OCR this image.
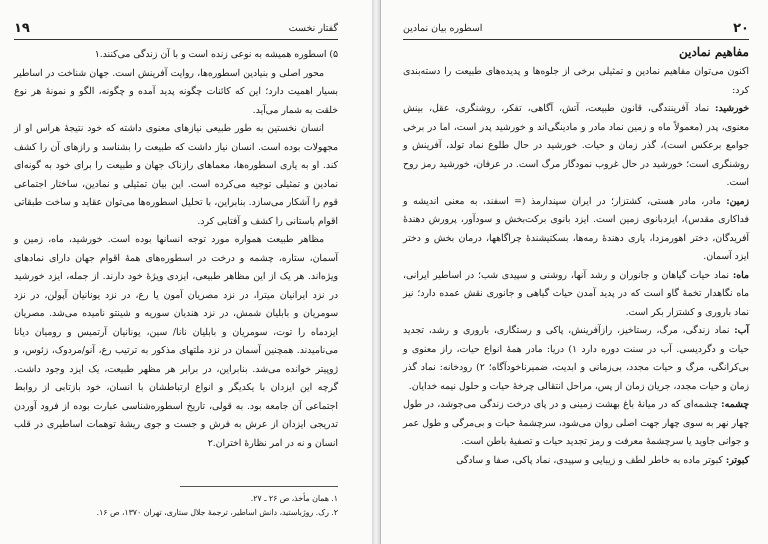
۱۹	گفتار نخست

۵) اسطوره همیشه به نوعی زنده است و با آن زندگی می‌کنند.۱

محور اصلی و بنیادین اسطوره‌ها، روایت آفرینش است. جهان شناخت در اساطیر بسیار اهمیت دارد؛ این که کائنات چگونه پدید آمده و چگونه، الگو و نمونهٔ هر نوع خلقت به شمار می‌آید.

انسان نخستین به طور طبیعی نیازهای معنوی داشته که خود نتیجهٔ هراس او از مجهولات بوده است. انسان نیاز داشت که طبیعت را بشناسد و رازهای آن را کشف کند. او به یاری اسطوره‌ها، معماهای رازناک جهان و طبیعت را برای خود به گونه‌ای نمادین و تمثیلی توجیه می‌کرده است. این بیان تمثیلی و نمادین، ساختار اجتماعی قوم را آشکار می‌سازد. بنابراین، با تحلیل اسطوره‌ها می‌توان عقاید و ساخت طبقاتی اقوام باستانی را کشف و آفتابی کرد.

مظاهر طبیعت همواره مورد توجه انسانها بوده است. خورشید، ماه، زمین و آسمان، ستاره، چشمه و درخت در اسطوره‌های همهٔ اقوام جهان دارای نمادهای ویژه‌اند. هر یک از این مظاهر طبیعی، ایزدی ویژهٔ خود دارند. از جمله، ایزد خورشید در نزد ایرانیان میترا، در نزد مصریان آمون یا رع، در نزد یونانیان آپولن، در نزد سومریان و بابلیان شمش، در نزد هندیان سوریه و شینتو نامیده می‌شد. مصریان ایزدماه را توت، سومریان و بابلیان نانا/ سین، یونانیان آرتمیس و رومیان دیانا می‌نامیدند. همچنین آسمان در نزد ملتهای مذکور به ترتیب رع، آنو/مردوک، زئوس، و ژوپیتر خوانده می‌شد. بنابراین، در برابر هر مظهر طبیعت، یک ایزد وجود داشت. گرچه این ایزدان با یکدیگر و انواع ارتباطشان با انسان، خود بازتابی از روابط اجتماعی آن جامعه بود. به قولی، تاریخ اسطوره‌شناسی عبارت بوده از فرود آوردن تدریجی ایزدان از عرش به فرش و جست و جوی ریشهٔ توهمات اساطیری در قلب انسان و نه در امر نظارهٔ اختران.۲

۱. همان مأخذ، ص ۲۶ ـ ۲۷.
۲. رک. روژباستید، دانش اساطیر، ترجمهٔ جلال ستاری، تهران ۱۳۷۰، ص ۱۶.
اسطوره بیان نمادین	۲۰
مفاهیم نمادین

اکنون می‌توان مفاهیم نمادین و تمثیلی برخی از جلوه‌ها و پدیده‌های طبیعت را دسته‌بندی کرد:

خورشید: نماد آفرینندگی، قانون طبیعت، آتش، آگاهی، تفکر، روشنگری، عقل، بینش معنوی، پدر (معمولاً ماه و زمین نماد مادر و مادینگی‌اند و خورشید پدر است، اما در برخی جوامع برعکس است)، گذر زمان و حیات. خورشید در حال طلوع نماد تولد، آفرینش و روشنگری است؛ خورشید در حال غروب نمودگار مرگ است. در عرفان، خورشید رمز روح است.

زمین: مادر، مادر هستی، کشتزار؛ در ایران سپندارمذ (= اسفند، به معنی اندیشه و فداکاری مقدس)، ایزدبانوی زمین است. ایزد بانوی برکت‌بخش و سودآور، پرورش دهندهٔ آفریدگان، دختر اهورمزدا، یاری دهندهٔ رمه‌ها، بسکتیشندهٔ چراگاهها، درمان بخش و دختر ایزد آسمان.

ماه: نماد حیات گیاهان و جانوران و رشد آنها، روشنی و سپیدی شب؛ در اساطیر ایرانی، ماه نگاهدار تخمهٔ گاو است که در پدید آمدن حیات گیاهی و جانوری نقش عمده دارد؛ نیز نماد باروری و کشتزار بکر است.

آب: نماد زندگی، مرگ، رستاخیز، رازآفرینش، پاکی و رستگاری، باروری و رشد، تجدید حیات و دگردیسی. آب در سنت دوره دارد ۱) دریا: مادر همهٔ انواع حیات، راز معنوی و بی‌کرانگی، مرگ و حیات مجدد، بی‌زمانی و ابدیت، ضمیرناخودآگاه؛ ۲) رودخانه: نماد گذر زمان و حیات مجدد، جریان زمان از پس، مراحل انتقالی چرخهٔ حیات و حلول نیمه خدایان.

چشمه: چشمه‌ای که در میانهٔ باغ بهشت زمینی و در پای درخت زندگی می‌جوشد، در طول چهار نهر به سوی چهار جهت اصلی روان می‌شود، سرچشمهٔ حیات و بی‌مرگی و طول عمر و جوانی جاوید یا سرچشمهٔ معرفت و رمز تجدید حیات و تصفیهٔ باطن است.

کبوتر: کبوتر ماده به خاطر لطف و زیبایی و سپیدی، نماد پاکی، صفا و سادگی
